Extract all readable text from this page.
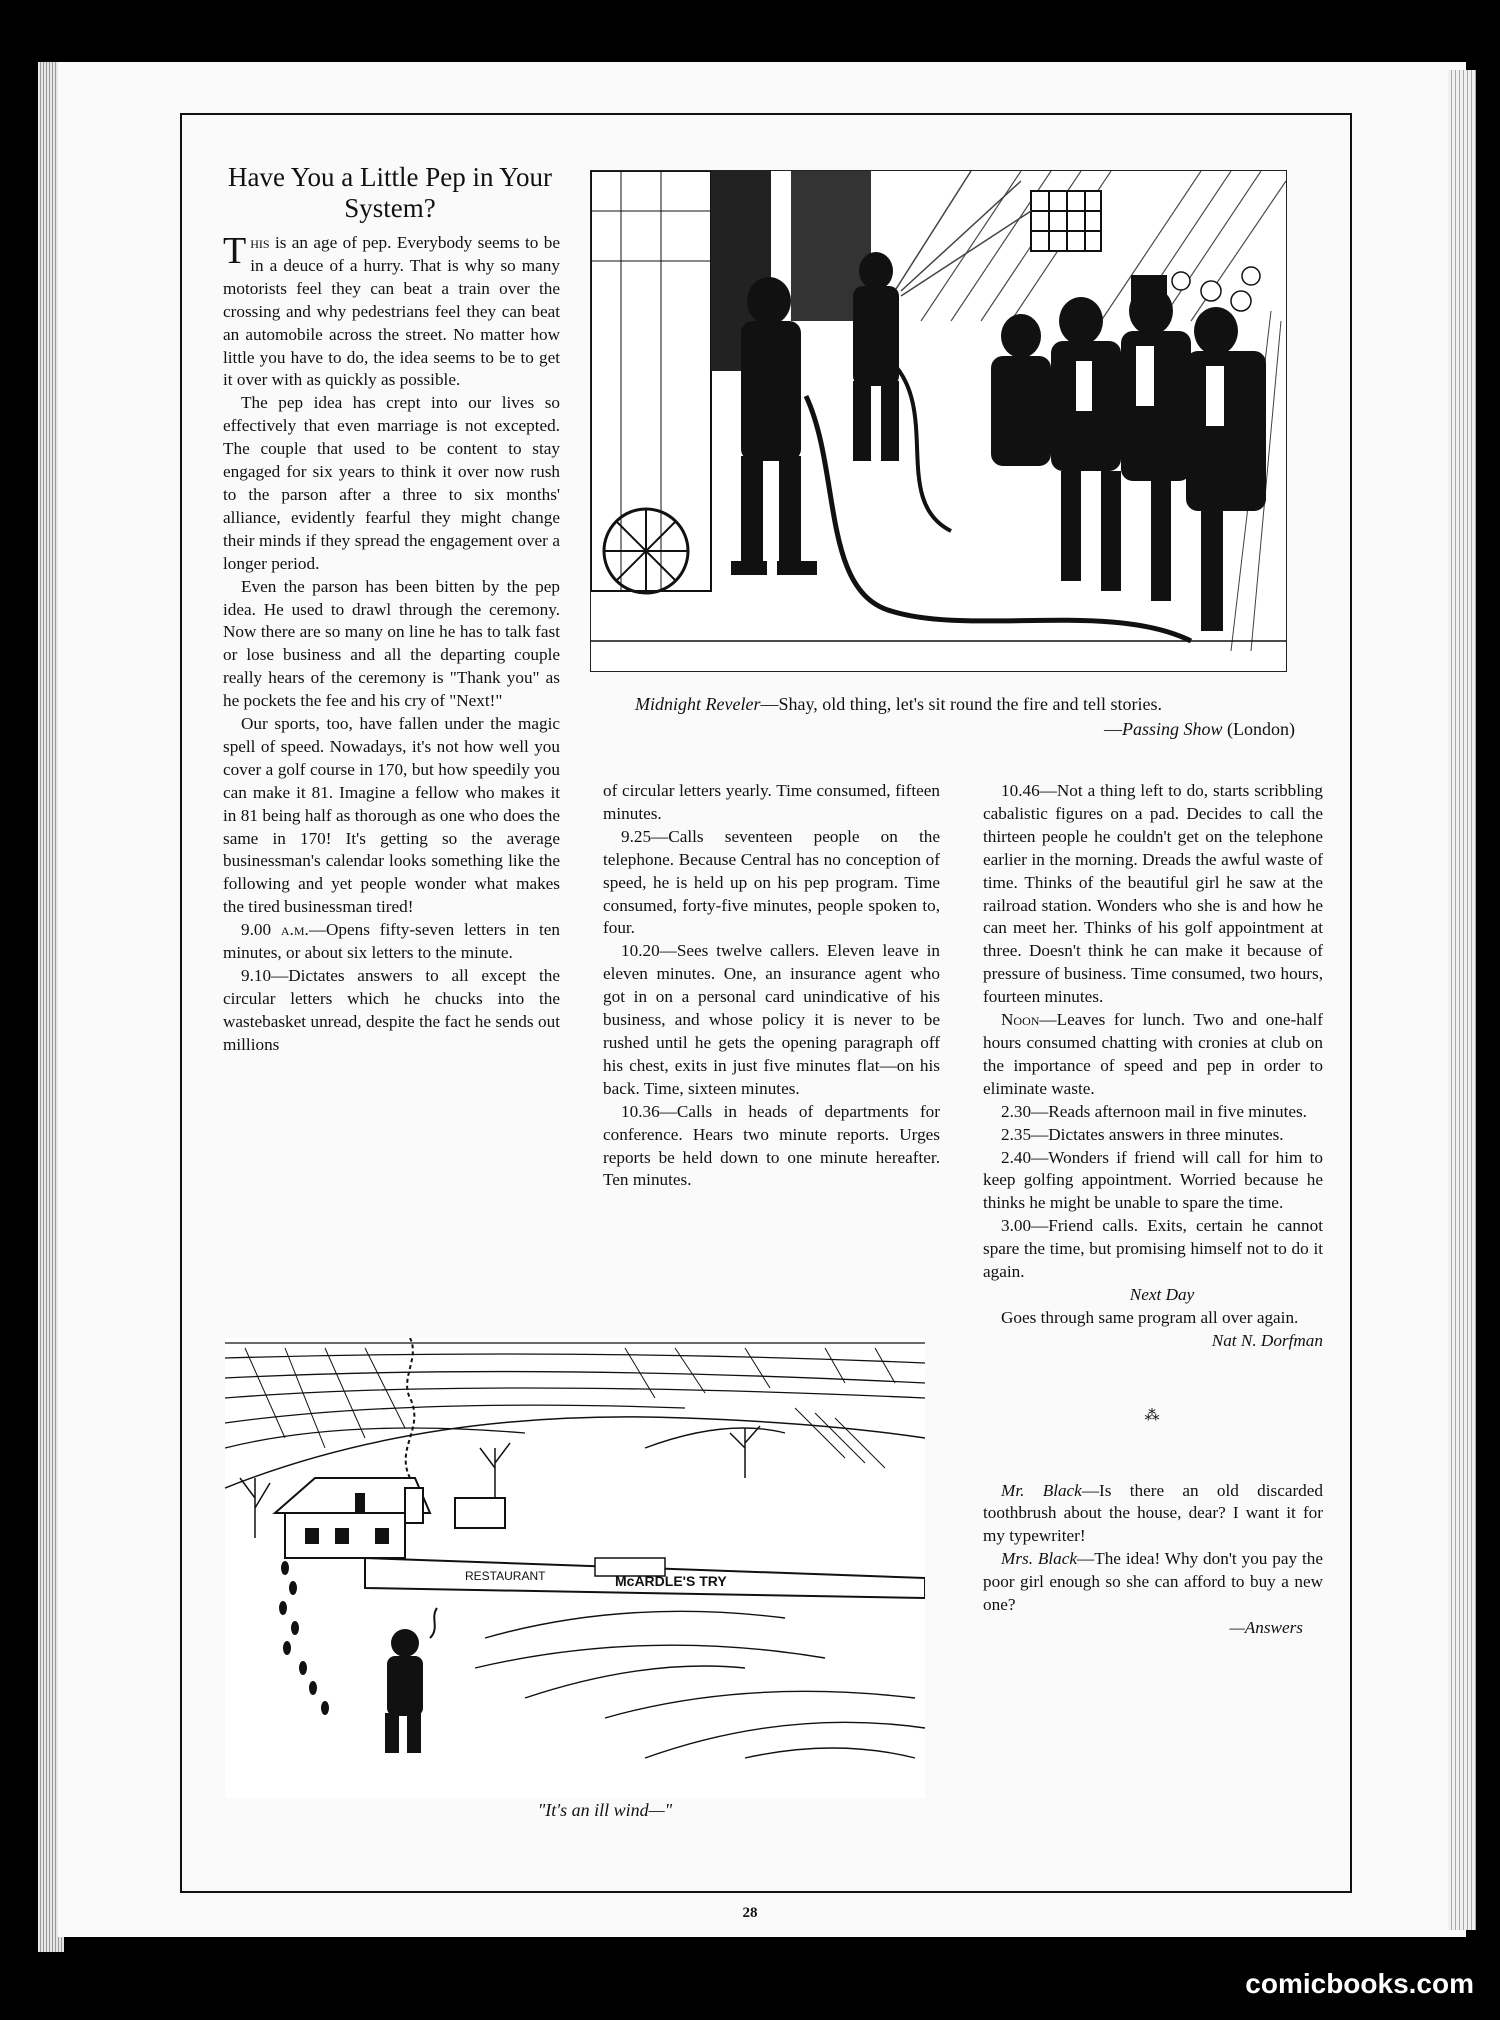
Have You a Little Pep in Your System?

This is an age of pep. Everybody seems to be in a deuce of a hurry. That is why so many motorists feel they can beat a train over the crossing and why pedestrians feel they can beat an automobile across the street. No matter how little you have to do, the idea seems to be to get it over with as quickly as possible.

The pep idea has crept into our lives so effectively that even marriage is not excepted. The couple that used to be content to stay engaged for six years to think it over now rush to the parson after a three to six months' alliance, evidently fearful they might change their minds if they spread the engagement over a longer period.

Even the parson has been bitten by the pep idea. He used to drawl through the ceremony. Now there are so many on line he has to talk fast or lose business and all the departing couple really hears of the ceremony is "Thank you" as he pockets the fee and his cry of "Next!"

Our sports, too, have fallen under the magic spell of speed. Nowadays, it's not how well you cover a golf course in 170, but how speedily you can make it 81. Imagine a fellow who makes it in 81 being half as thorough as one who does the same in 170! It's getting so the average businessman's calendar looks something like the following and yet people wonder what makes the tired businessman tired!

9.00 a.m.—Opens fifty-seven letters in ten minutes, or about six letters to the minute.

9.10—Dictates answers to all except the circular letters which he chucks into the wastebasket unread, despite the fact he sends out millions

Midnight Reveler—Shay, old thing, let's sit round the fire and tell stories.
—Passing Show (London)

of circular letters yearly. Time consumed, fifteen minutes.

9.25—Calls seventeen people on the telephone. Because Central has no conception of speed, he is held up on his pep program. Time consumed, forty-five minutes, people spoken to, four.

10.20—Sees twelve callers. Eleven leave in eleven minutes. One, an insurance agent who got in on a personal card unindicative of his business, and whose policy it is never to be rushed until he gets the opening paragraph off his chest, exits in just five minutes flat—on his back. Time, sixteen minutes.

10.36—Calls in heads of departments for conference. Hears two minute reports. Urges reports be held down to one minute hereafter. Ten minutes.

10.46—Not a thing left to do, starts scribbling cabalistic figures on a pad. Decides to call the thirteen people he couldn't get on the telephone earlier in the morning. Dreads the awful waste of time. Thinks of the beautiful girl he saw at the railroad station. Wonders who she is and how he can meet her. Thinks of his golf appointment at three. Doesn't think he can make it because of pressure of business. Time consumed, two hours, fourteen minutes.

Noon—Leaves for lunch. Two and one-half hours consumed chatting with cronies at club on the importance of speed and pep in order to eliminate waste.

2.30—Reads afternoon mail in five minutes.

2.35—Dictates answers in three minutes.

2.40—Wonders if friend will call for him to keep golfing appointment. Worried because he thinks he might be unable to spare the time.

3.00—Friend calls. Exits, certain he cannot spare the time, but promising himself not to do it again.

Next Day

Goes through same program all over again.

Nat N. Dorfman

⁂

Mr. Black—Is there an old discarded toothbrush about the house, dear? I want it for my typewriter!

Mrs. Black—The idea! Why don't you pay the poor girl enough so she can afford to buy a new one?

—Answers

McARDLE'S TRY
RESTAURANT
"It's an ill wind—"
28
comicbooks.com
